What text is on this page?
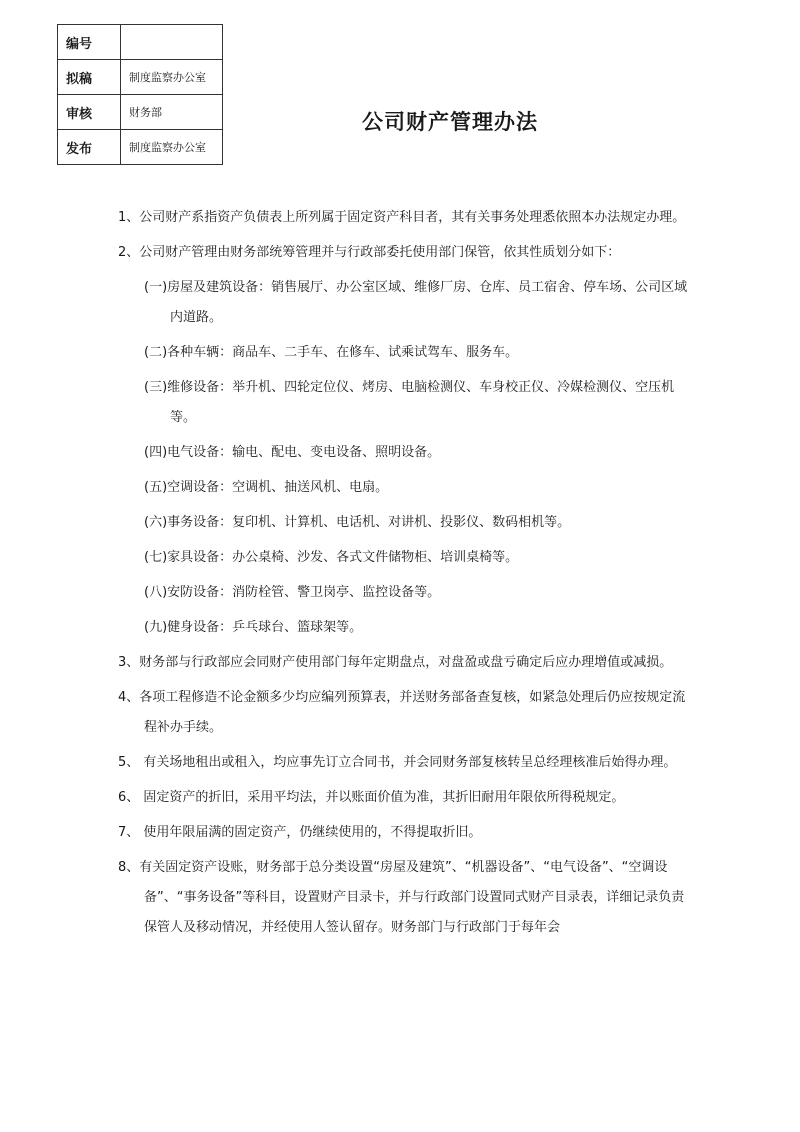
编号	
拟稿	制度监察办公室
审核	财务部
发布	制度监察办公室
公司财产管理办法
1、公司财产系指资产负债表上所列属于固定资产科目者，其有关事务处理悉依照本办法规定办理。
2、公司财产管理由财务部统筹管理并与行政部委托使用部门保管，依其性质划分如下：
(一)房屋及建筑设备：销售展厅、办公室区域、维修厂房、仓库、员工宿舍、停车场、公司区域内道路。
(二)各种车辆：商品车、二手车、在修车、试乘试驾车、服务车。
(三)维修设备：举升机、四轮定位仪、烤房、电脑检测仪、车身校正仪、冷媒检测仪、空压机等。
(四)电气设备：输电、配电、变电设备、照明设备。
(五)空调设备：空调机、抽送风机、电扇。
(六)事务设备：复印机、计算机、电话机、对讲机、投影仪、数码相机等。
(七)家具设备：办公桌椅、沙发、各式文件储物柜、培训桌椅等。
(八)安防设备：消防栓管、警卫岗亭、监控设备等。
(九)健身设备：乒乓球台、篮球架等。
3、财务部与行政部应会同财产使用部门每年定期盘点，对盘盈或盘亏确定后应办理增值或减损。
4、各项工程修造不论金额多少均应编列预算表，并送财务部备查复核，如紧急处理后仍应按规定流程补办手续。
5、 有关场地租出或租入，均应事先订立合同书，并会同财务部复核转呈总经理核准后始得办理。
6、 固定资产的折旧，采用平均法，并以账面价值为准，其折旧耐用年限依所得税规定。
7、 使用年限届满的固定资产，仍继续使用的，不得提取折旧。
8、有关固定资产设账，财务部于总分类设置“房屋及建筑”、“机器设备”、“电气设备”、“空调设备”、“事务设备”等科目，设置财产目录卡，并与行政部门设置同式财产目录表，详细记录负责保管人及移动情况，并经使用人签认留存。财务部门与行政部门于每年会
